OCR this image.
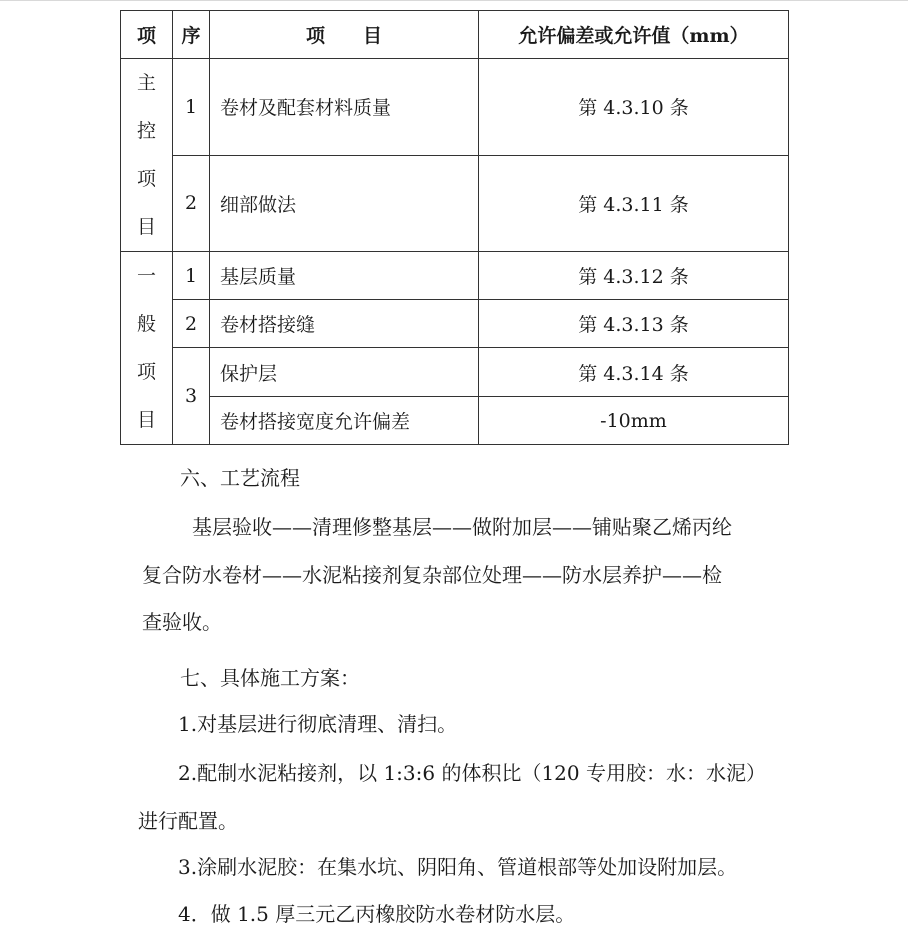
项	序	项　　目	允许偏差或允许值（mm）

主
控
项
目	1	卷材及配套材料质量	第 4.3.10 条
	2	细部做法	第 4.3.11 条

一
般
项
目	1	基层质量	第 4.3.12 条
	2	卷材搭接缝	第 4.3.13 条
	3	保护层	第 4.3.14 条
		卷材搭接宽度允许偏差	-10mm

六、工艺流程

基层验收——清理修整基层——做附加层——铺贴聚乙烯丙纶

复合防水卷材——水泥粘接剂复杂部位处理——防水层养护——检

查验收。

七、具体施工方案：

1.对基层进行彻底清理、清扫。

2.配制水泥粘接剂，以 1:3:6 的体积比（120 专用胶：水：水泥）

进行配置。

3.涂刷水泥胶：在集水坑、阴阳角、管道根部等处加设附加层。

4．做 1.5 厚三元乙丙橡胶防水卷材防水层。
